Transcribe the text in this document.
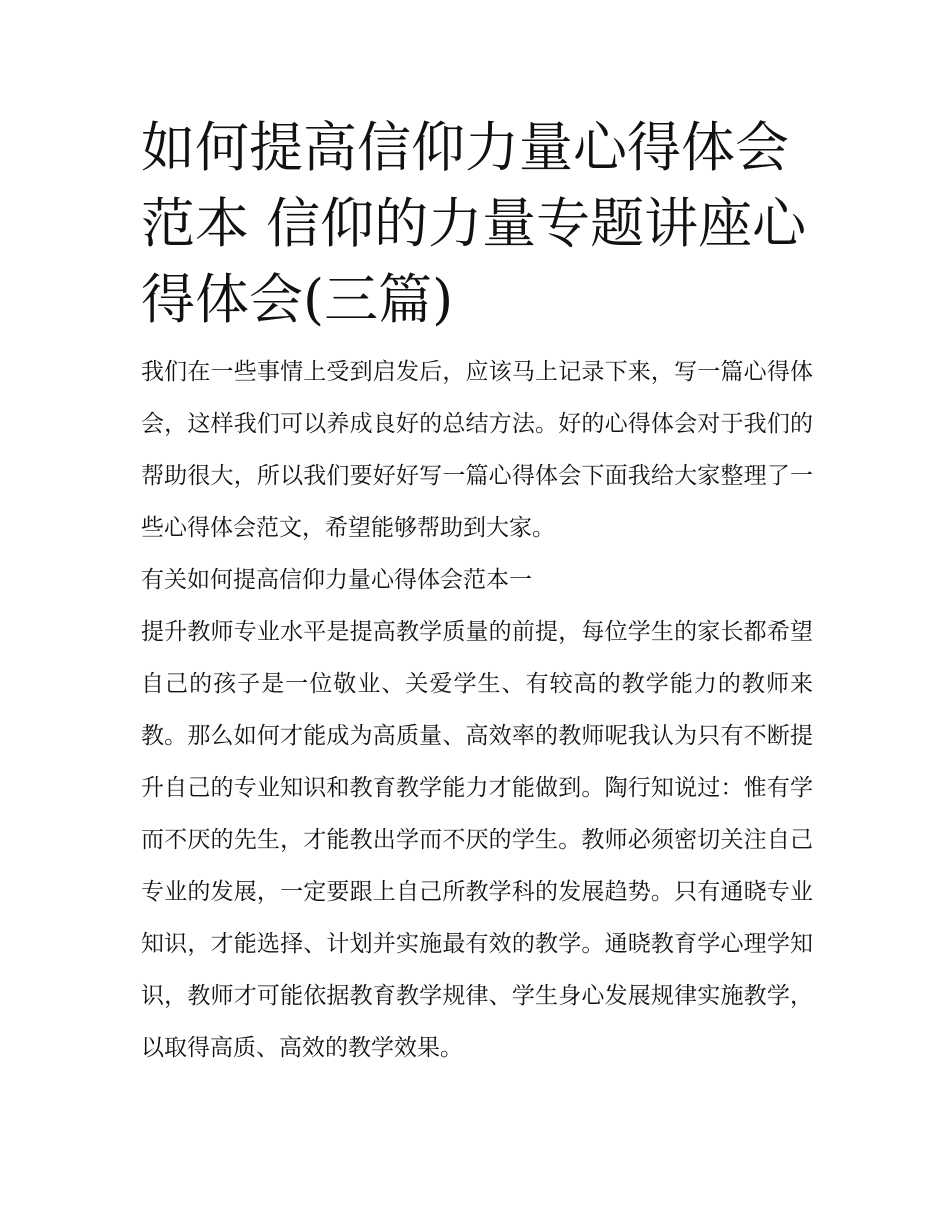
如何提高信仰力量心得体会范本 信仰的力量专题讲座心得体会(三篇)

我们在一些事情上受到启发后，应该马上记录下来，写一篇心得体会，这样我们可以养成良好的总结方法。好的心得体会对于我们的帮助很大，所以我们要好好写一篇心得体会下面我给大家整理了一些心得体会范文，希望能够帮助到大家。

有关如何提高信仰力量心得体会范本一

提升教师专业水平是提高教学质量的前提，每位学生的家长都希望自己的孩子是一位敬业、关爱学生、有较高的教学能力的教师来教。那么如何才能成为高质量、高效率的教师呢我认为只有不断提升自己的专业知识和教育教学能力才能做到。陶行知说过：惟有学而不厌的先生，才能教出学而不厌的学生。教师必须密切关注自己专业的发展，一定要跟上自己所教学科的发展趋势。只有通晓专业知识，才能选择、计划并实施最有效的教学。通晓教育学心理学知识，教师才可能依据教育教学规律、学生身心发展规律实施教学，以取得高质、高效的教学效果。
